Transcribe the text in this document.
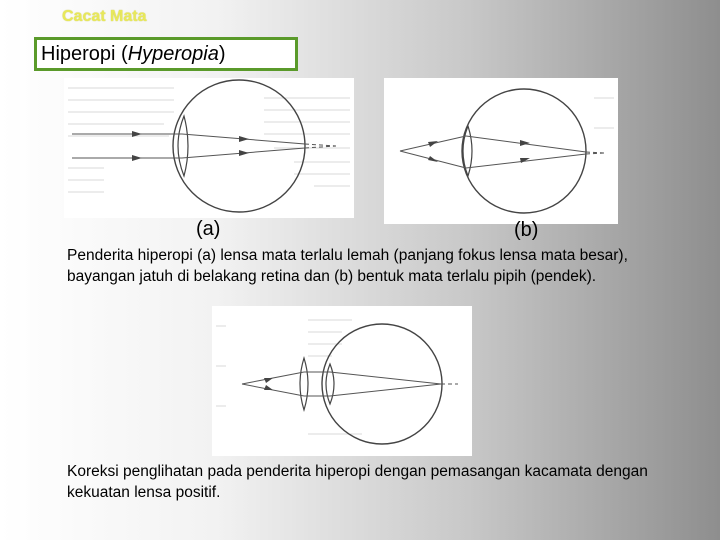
Cacat Mata
Hiperopi (Hyperopia)
(a)	(b)
Penderita hiperopi (a) lensa mata terlalu lemah (panjang fokus lensa mata besar), bayangan jatuh di belakang retina dan (b) bentuk mata terlalu pipih (pendek).
Koreksi penglihatan pada penderita hiperopi dengan pemasangan kacamata dengan kekuatan lensa positif.
